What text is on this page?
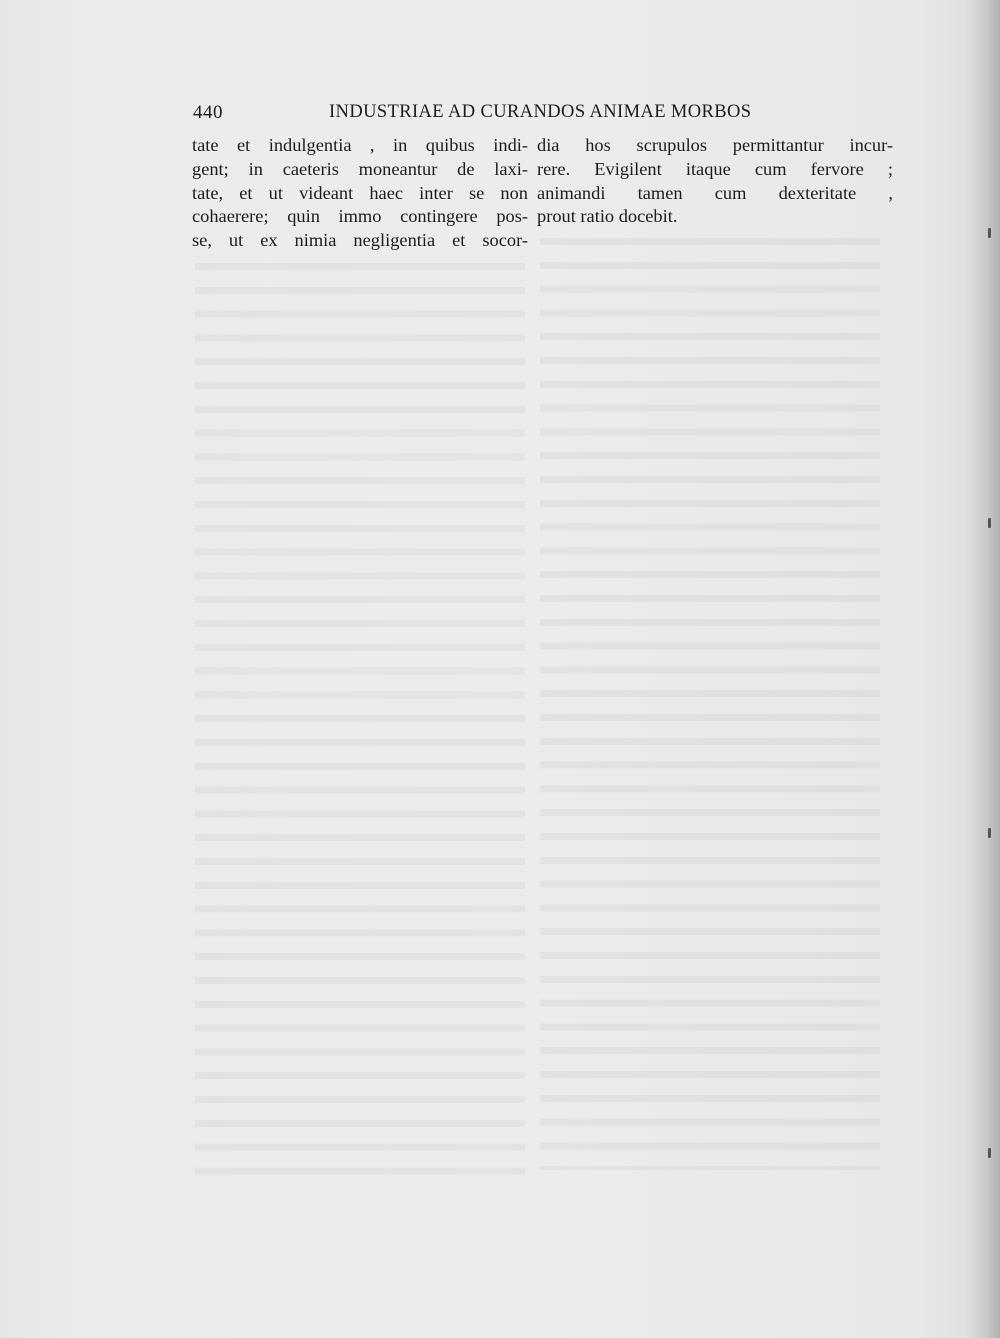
440	INDUSTRIAE AD CURANDOS ANIMAE MORBOS
tate et indulgentia , in quibus indi-
gent; in caeteris moneantur de laxi-
tate, et ut videant haec inter se non
cohaerere; quin immo contingere pos-
se, ut ex nimia negligentia et socor-
dia hos scrupulos permittantur incur-
rere. Evigilent itaque cum fervore ;
animandi tamen cum dexteritate ,
prout ratio docebit.
